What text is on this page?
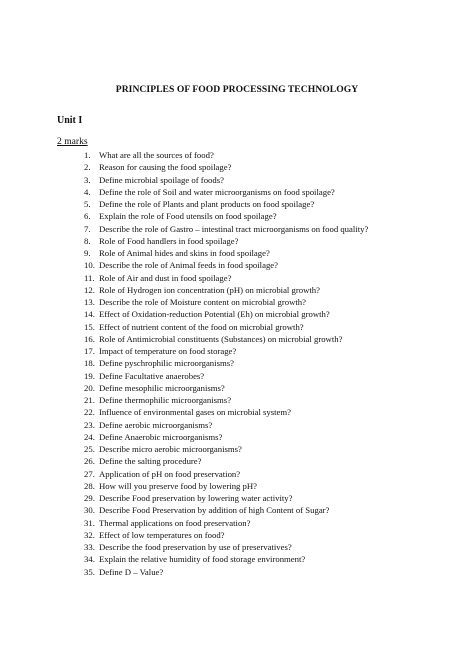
PRINCIPLES OF FOOD PROCESSING TECHNOLOGY
Unit I
2 marks
1. What are all the sources of food?
2. Reason for causing the food spoilage?
3. Define microbial spoilage of foods?
4. Define the role of Soil and water microorganisms on food spoilage?
5. Define the role of Plants and plant products on food spoilage?
6. Explain the role of Food utensils on food spoilage?
7. Describe the role of Gastro – intestinal tract microorganisms on food quality?
8. Role of Food handlers in food spoilage?
9. Role of Animal hides and skins in food spoilage?
10. Describe the role of Animal feeds in food spoilage?
11. Role of Air and dust in food spoilage?
12. Role of Hydrogen ion concentration (pH) on microbial growth?
13. Describe the role of Moisture content on microbial growth?
14. Effect of Oxidation-reduction Potential (Eh) on microbial growth?
15. Effect of nutrient content of the food on microbial growth?
16. Role of Antimicrobial constituents (Substances) on microbial growth?
17. Impact of temperature on food storage?
18. Define pyschrophilic microorganisms?
19. Define Facultative anaerobes?
20. Define mesophilic microorganisms?
21. Define thermophilic microorganisms?
22. Influence of environmental gases on microbial system?
23. Define aerobic microorganisms?
24. Define Anaerobic microorganisms?
25. Describe micro aerobic microorganisms?
26. Define the salting procedure?
27. Application of pH on food preservation?
28. How will you preserve food by lowering pH?
29. Describe Food preservation by lowering water activity?
30. Describe Food Preservation by addition of high Content of Sugar?
31. Thermal applications on food preservation?
32. Effect of low temperatures on food?
33. Describe the food preservation by use of preservatives?
34. Explain the relative humidity of food storage environment?
35. Define D – Value?
